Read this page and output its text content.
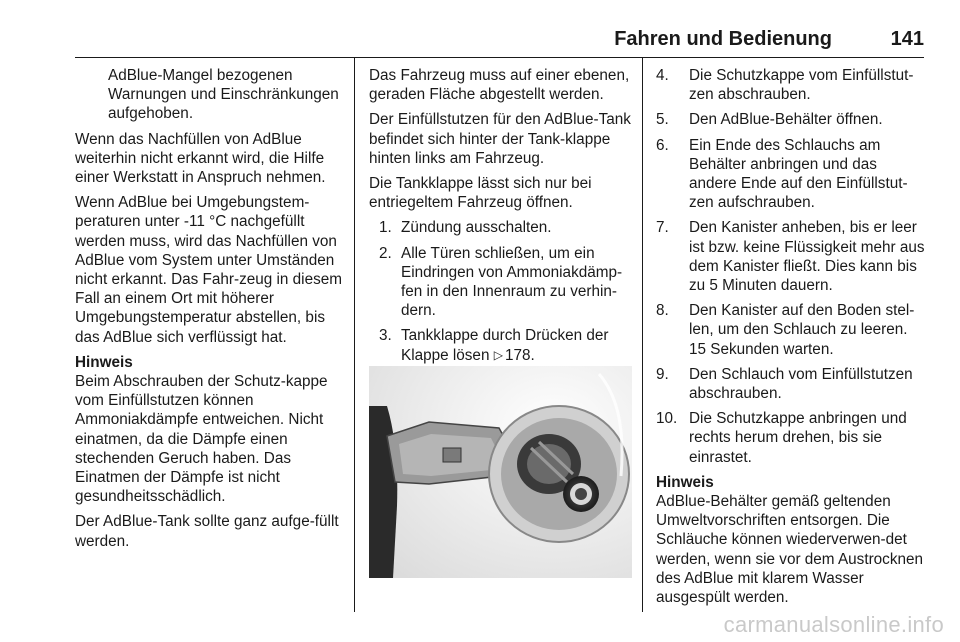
Fahren und Bedienung	141
AdBlue-Mangel bezogenen Warnungen und Einschränkungen aufgehoben.
Wenn das Nachfüllen von AdBlue weiterhin nicht erkannt wird, die Hilfe einer Werkstatt in Anspruch nehmen.
Wenn AdBlue bei Umgebungstem-peraturen unter -11 °C nachgefüllt werden muss, wird das Nachfüllen von AdBlue vom System unter Umständen nicht erkannt. Das Fahr-zeug in diesem Fall an einem Ort mit höherer Umgebungstemperatur abstellen, bis das AdBlue sich verflüssigt hat.
Hinweis
Beim Abschrauben der Schutz-kappe vom Einfüllstutzen können Ammoniakdämpfe entweichen. Nicht einatmen, da die Dämpfe einen stechenden Geruch haben. Das Einatmen der Dämpfe ist nicht gesundheitsschädlich.
Der AdBlue-Tank sollte ganz aufge-füllt werden.
Das Fahrzeug muss auf einer ebenen, geraden Fläche abgestellt werden.
Der Einfüllstutzen für den AdBlue-Tank befindet sich hinter der Tank-klappe hinten links am Fahrzeug.
Die Tankklappe lässt sich nur bei entriegeltem Fahrzeug öffnen.
1. Zündung ausschalten.
2. Alle Türen schließen, um ein Eindringen von Ammoniakdämp-fen in den Innenraum zu verhin-dern.
3. Tankklappe durch Drücken der Klappe lösen ▷ 178.
4.	Die Schutzkappe vom Einfüllstut-zen abschrauben.
5.	Den AdBlue-Behälter öffnen.
6.	Ein Ende des Schlauchs am Behälter anbringen und das andere Ende auf den Einfüllstut-zen aufschrauben.
7.	Den Kanister anheben, bis er leer ist bzw. keine Flüssigkeit mehr aus dem Kanister fließt. Dies kann bis zu 5 Minuten dauern.
8.	Den Kanister auf den Boden stel-len, um den Schlauch zu leeren. 15 Sekunden warten.
9.	Den Schlauch vom Einfüllstutzen abschrauben.
10. Die Schutzkappe anbringen und rechts herum drehen, bis sie einrastet.
Hinweis
AdBlue-Behälter gemäß geltenden Umweltvorschriften entsorgen. Die Schläuche können wiederverwen-det werden, wenn sie vor dem Austrocknen des AdBlue mit klarem Wasser ausgespült werden.
carmanualsonline.info
